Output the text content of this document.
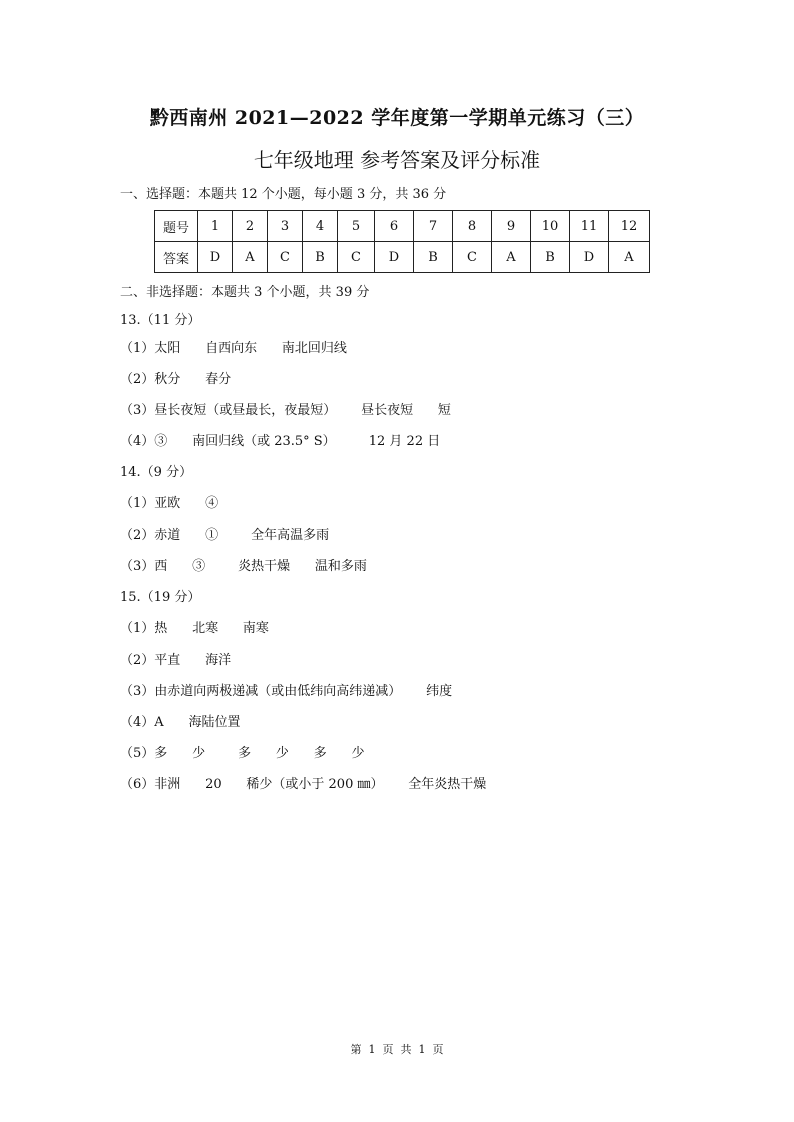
黔西南州 2021—2022 学年度第一学期单元练习（三）
七年级地理 参考答案及评分标准
一、选择题：本题共 12 个小题，每小题 3 分，共 36 分
题号	1	2	3	4	5	6	7	8	9	10	11	12
答案	D	A	C	B	C	D	B	C	A	B	D	A
二、非选择题：本题共 3 个小题，共 39 分
13.（11 分）
（1）太阳      自西向东      南北回归线
（2）秋分      春分
（3）昼长夜短（或昼最长，夜最短）      昼长夜短      短
（4）③      南回归线（或 23.5° S）        12 月 22 日
14.（9 分）
（1）亚欧      ④
（2）赤道      ①        全年高温多雨
（3）西      ③        炎热干燥      温和多雨
15.（19 分）
（1）热      北寒      南寒
（2）平直      海洋
（3）由赤道向两极递减（或由低纬向高纬递减）      纬度
（4）A      海陆位置
（5）多      少        多      少      多      少
（6）非洲      20      稀少（或小于 200 ㎜）      全年炎热干燥
第  1  页  共  1  页
